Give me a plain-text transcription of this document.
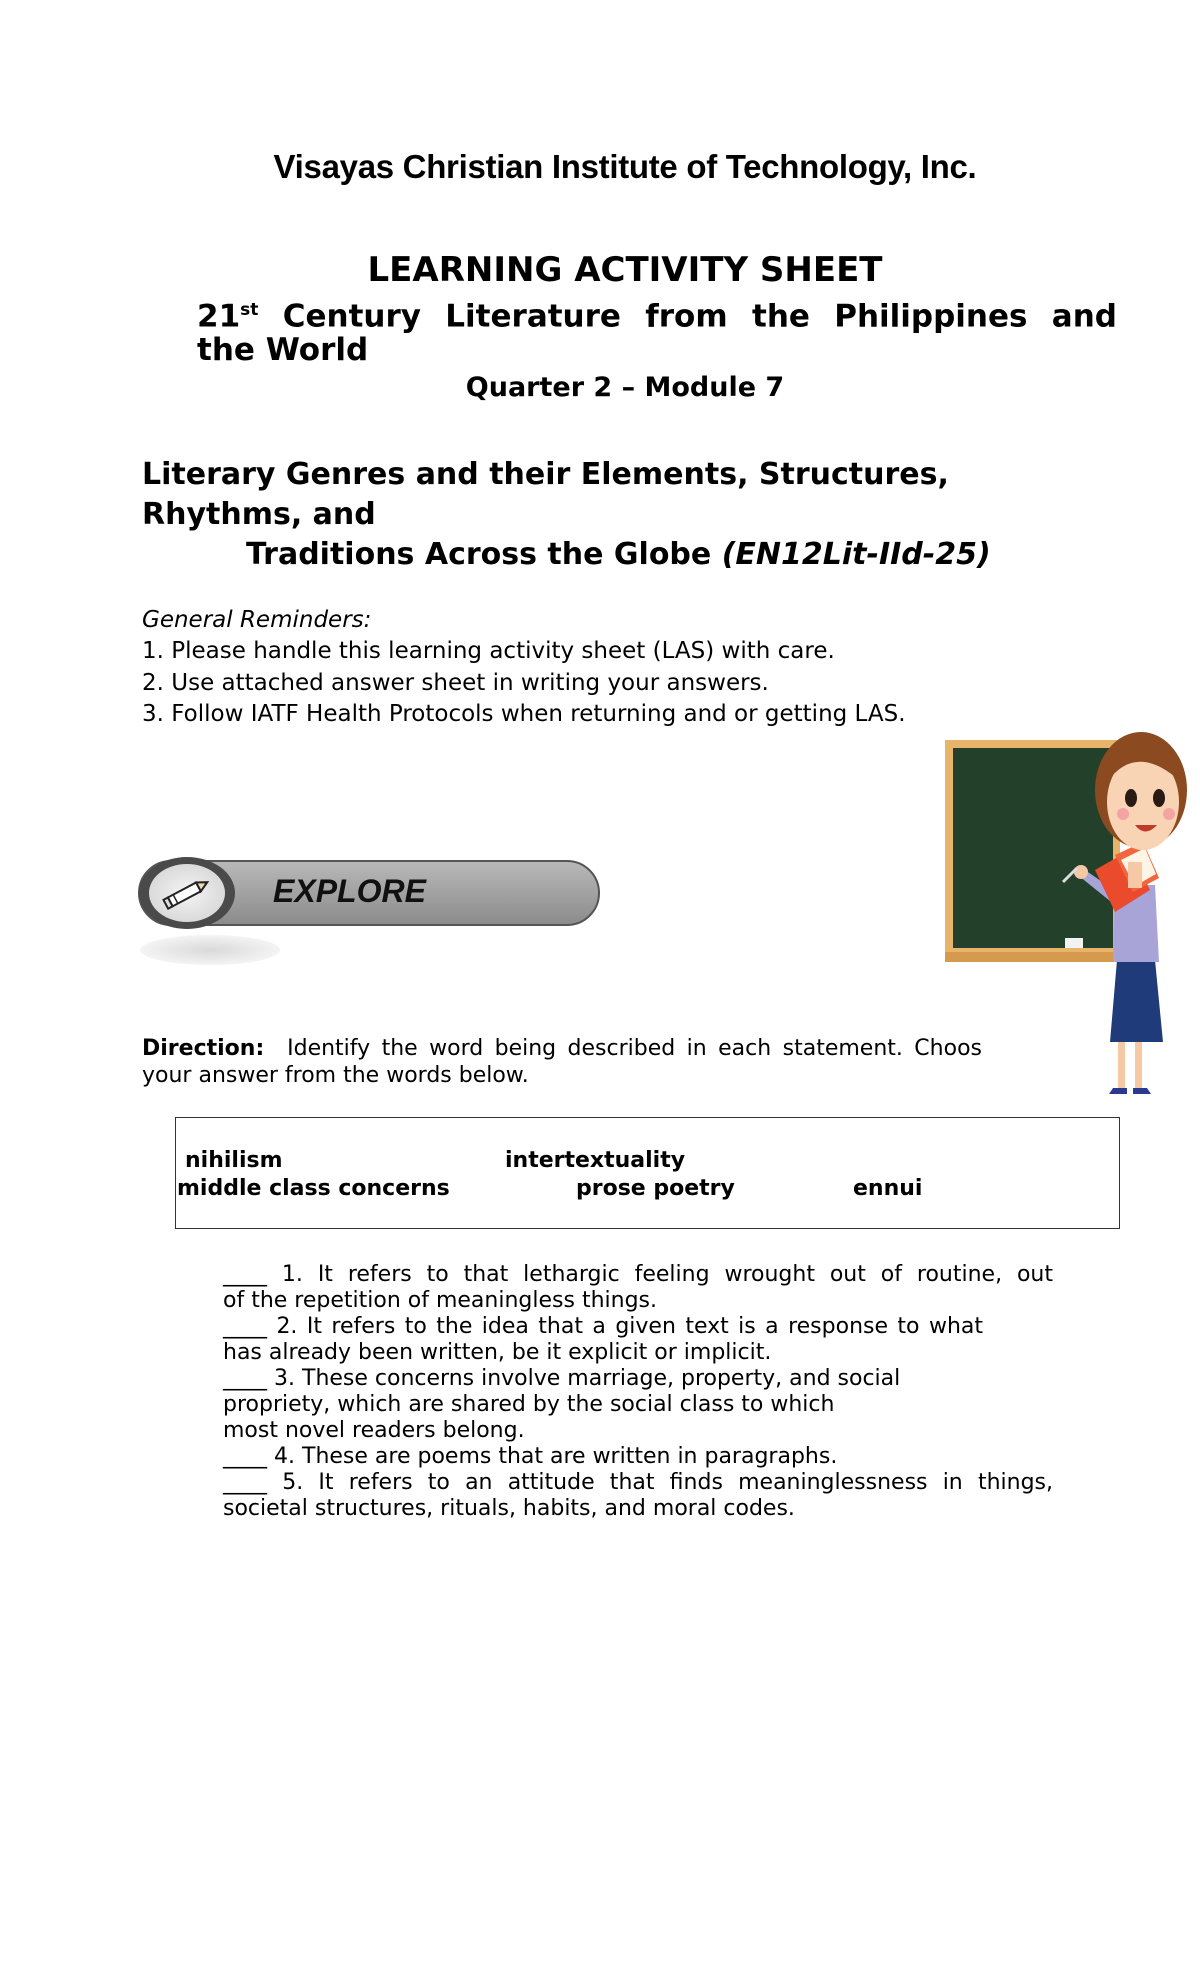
Visayas Christian Institute of Technology, Inc.
LEARNING ACTIVITY SHEET
21st Century Literature from the Philippines and
the World
Quarter 2 – Module 7
Literary Genres and their Elements, Structures,
Rhythms, and
Traditions Across the Globe (EN12Lit-IId-25)
General Reminders:
1. Please handle this learning activity sheet (LAS) with care.
2. Use attached answer sheet in writing your answers.
3. Follow IATF Health Protocols when returning and or getting LAS.
EXPLORE
Direction: Identify the word being described in each statement. Choos
your answer from the words below.
nihilism	intertextuality
middle class concerns	prose poetry	ennui
____ 1. It refers to that lethargic feeling wrought out of routine, out
of the repetition of meaningless things.
____ 2. It refers to the idea that a given text is a response to what
has already been written, be it explicit or implicit.
____ 3. These concerns involve marriage, property, and social
propriety, which are shared by the social class to which
most novel readers belong.
____ 4. These are poems that are written in paragraphs.
____ 5. It refers to an attitude that finds meaninglessness in things,
societal structures, rituals, habits, and moral codes.
